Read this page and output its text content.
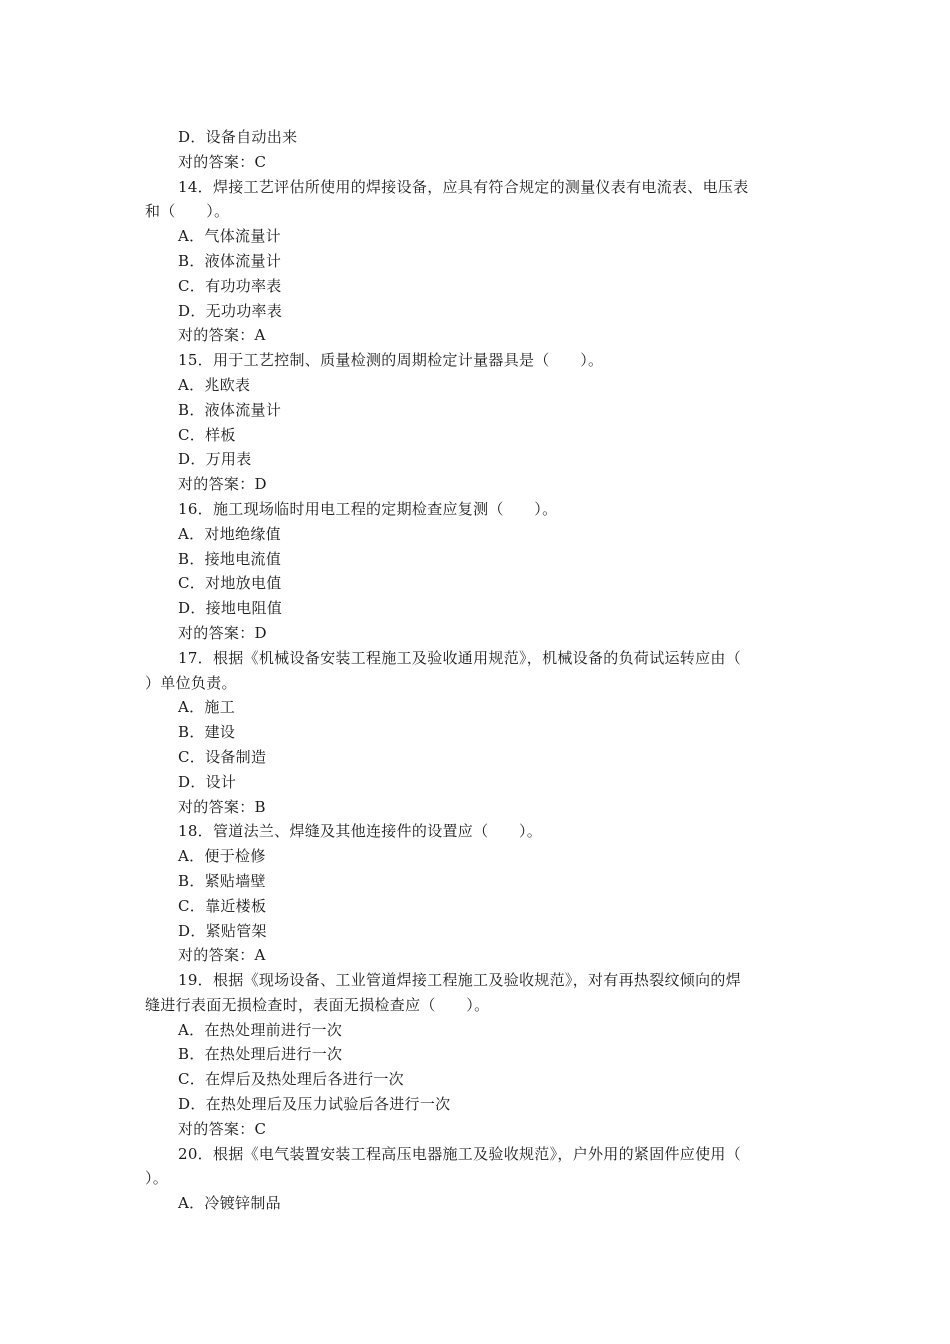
D．设备自动出来
对的答案：C
14．焊接工艺评估所使用的焊接设备，应具有符合规定的测量仪表有电流表、电压表
和（　　）。
A．气体流量计
B．液体流量计
C．有功功率表
D．无功功率表
对的答案：A
15．用于工艺控制、质量检测的周期检定计量器具是（　　）。
A．兆欧表
B．液体流量计
C．样板
D．万用表
对的答案：D
16．施工现场临时用电工程的定期检查应复测（　　）。
A．对地绝缘值
B．接地电流值
C．对地放电值
D．接地电阻值
对的答案：D
17．根据《机械设备安装工程施工及验收通用规范》，机械设备的负荷试运转应由（
）单位负责。
A．施工
B．建设
C．设备制造
D．设计
对的答案：B
18．管道法兰、焊缝及其他连接件的设置应（　　）。
A．便于检修
B．紧贴墙壁
C．靠近楼板
D．紧贴管架
对的答案：A
19．根据《现场设备、工业管道焊接工程施工及验收规范》，对有再热裂纹倾向的焊
缝进行表面无损检查时，表面无损检查应（　　）。
A．在热处理前进行一次
B．在热处理后进行一次
C．在焊后及热处理后各进行一次
D．在热处理后及压力试验后各进行一次
对的答案：C
20．根据《电气装置安装工程高压电器施工及验收规范》，户外用的紧固件应使用（
）。
A．冷镀锌制品
